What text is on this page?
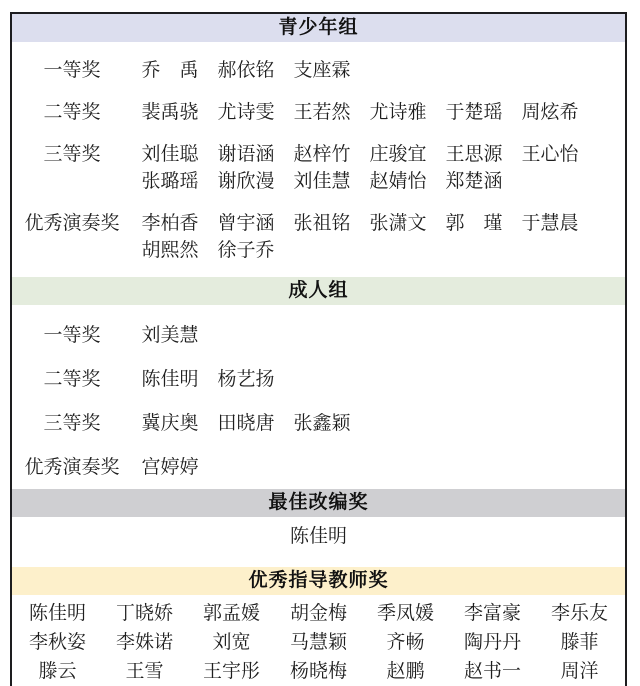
青少年组
一等奖	乔　禹 郝依铭 支座霖
二等奖	裴禹骁 尤诗雯 王若然 尤诗雅 于楚瑶 周炫希
三等奖	刘佳聪 谢语涵 赵梓竹 庄骏宜 王思源 王心怡
张璐瑶 谢欣漫 刘佳慧 赵婧怡 郑楚涵
优秀演奏奖	李柏香 曾宇涵 张祖铭 张潇文 郭　瑾 于慧晨
胡熙然 徐子乔
成人组
一等奖	刘美慧
二等奖	陈佳明 杨艺扬
三等奖	冀庆奥 田晓唐 张鑫颖
优秀演奏奖	宫婷婷
最佳改编奖
陈佳明
优秀指导教师奖
陈佳明	丁晓娇	郭孟媛	胡金梅	季凤媛	李富豪	李乐友
李秋姿	李姝诺	刘宽	马慧颖	齐畅	陶丹丹	滕菲
滕云	王雪	王宇彤	杨晓梅	赵鹏	赵书一	周洋
